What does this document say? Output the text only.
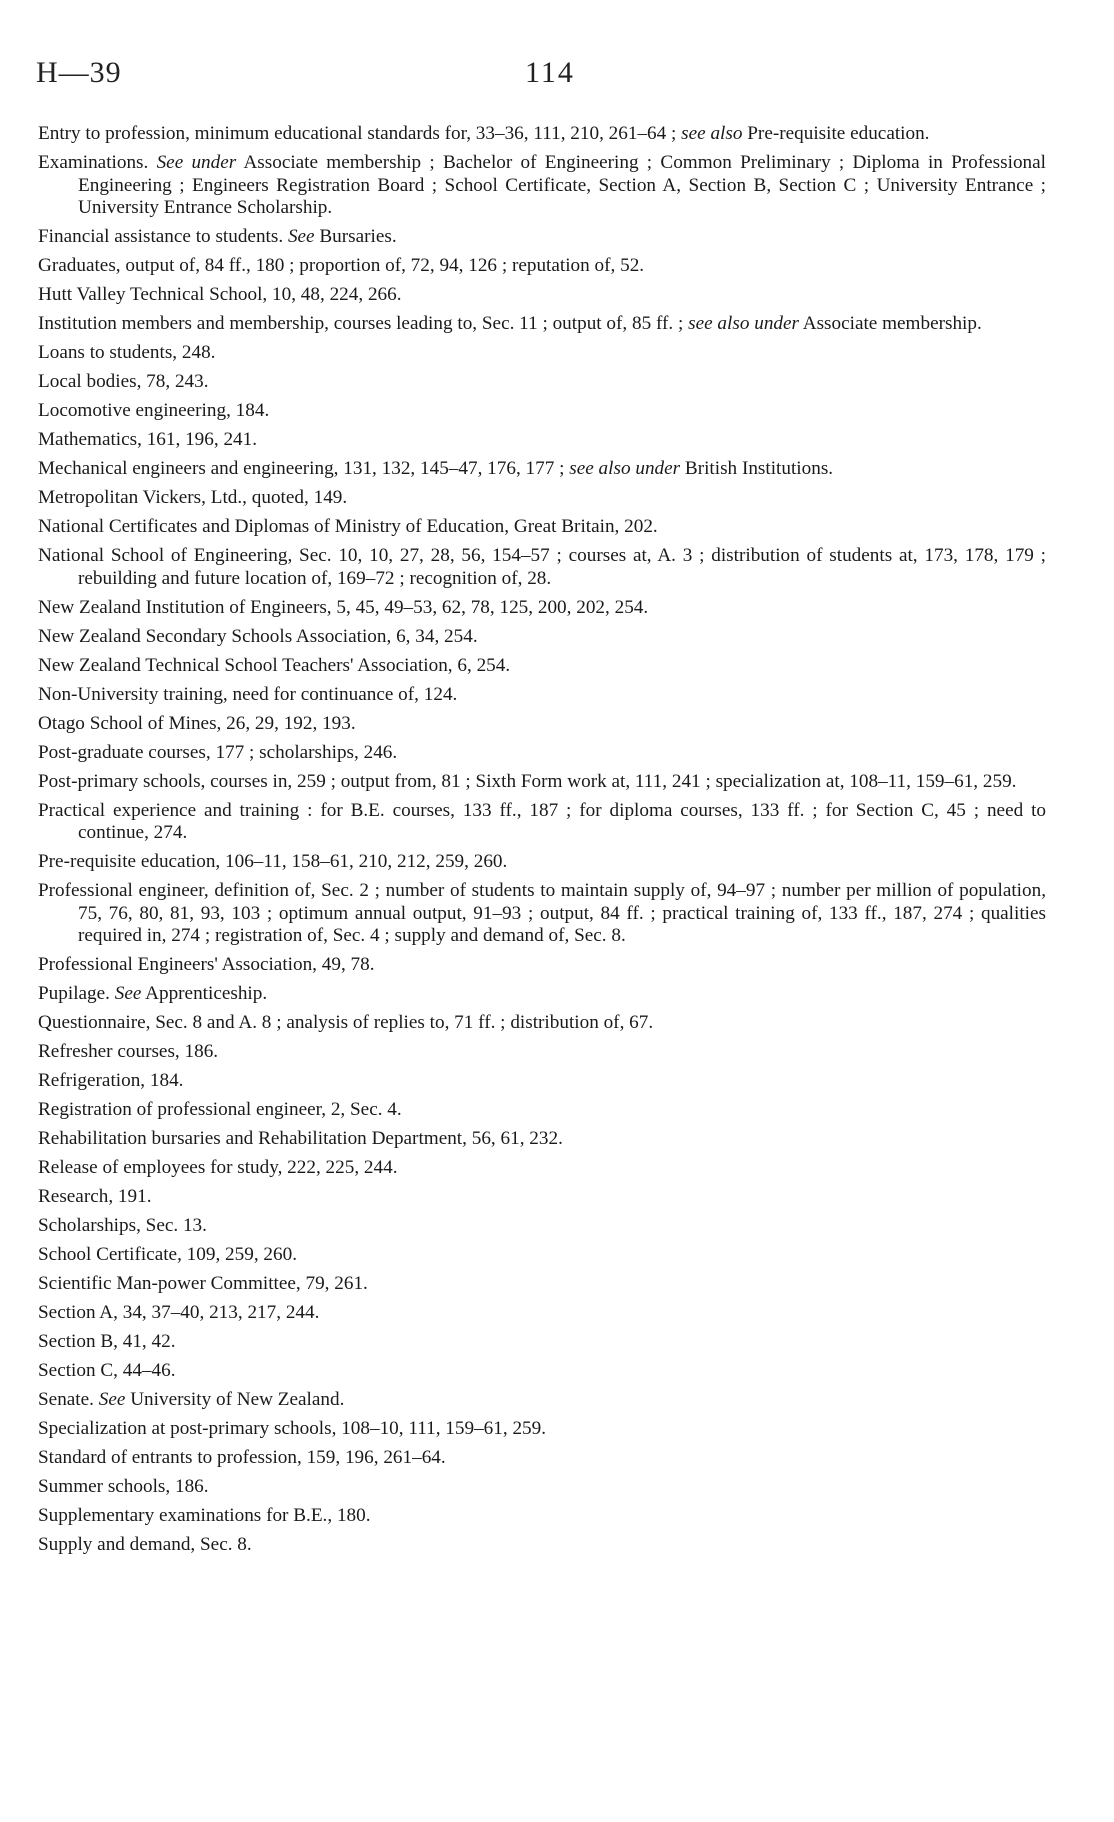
H—39	114

Entry to profession, minimum educational standards for, 33–36, 111, 210, 261–64 ; see also Pre-requisite education.

Examinations. See under Associate membership ; Bachelor of Engineering ; Common Preliminary ; Diploma in Professional Engineering ; Engineers Registration Board ; School Certificate, Section A, Section B, Section C ; University Entrance ; University Entrance Scholarship.

Financial assistance to students. See Bursaries.

Graduates, output of, 84 ff., 180 ; proportion of, 72, 94, 126 ; reputation of, 52.

Hutt Valley Technical School, 10, 48, 224, 266.

Institution members and membership, courses leading to, Sec. 11 ; output of, 85 ff. ; see also under Associate membership.

Loans to students, 248.

Local bodies, 78, 243.

Locomotive engineering, 184.

Mathematics, 161, 196, 241.

Mechanical engineers and engineering, 131, 132, 145–47, 176, 177 ; see also under British Institutions.

Metropolitan Vickers, Ltd., quoted, 149.

National Certificates and Diplomas of Ministry of Education, Great Britain, 202.

National School of Engineering, Sec. 10, 10, 27, 28, 56, 154–57 ; courses at, A. 3 ; distribution of students at, 173, 178, 179 ; rebuilding and future location of, 169–72 ; recognition of, 28.

New Zealand Institution of Engineers, 5, 45, 49–53, 62, 78, 125, 200, 202, 254.

New Zealand Secondary Schools Association, 6, 34, 254.

New Zealand Technical School Teachers' Association, 6, 254.

Non-University training, need for continuance of, 124.

Otago School of Mines, 26, 29, 192, 193.

Post-graduate courses, 177 ; scholarships, 246.

Post-primary schools, courses in, 259 ; output from, 81 ; Sixth Form work at, 111, 241 ; specialization at, 108–11, 159–61, 259.

Practical experience and training : for B.E. courses, 133 ff., 187 ; for diploma courses, 133 ff. ; for Section C, 45 ; need to continue, 274.

Pre-requisite education, 106–11, 158–61, 210, 212, 259, 260.

Professional engineer, definition of, Sec. 2 ; number of students to maintain supply of, 94–97 ; number per million of population, 75, 76, 80, 81, 93, 103 ; optimum annual output, 91–93 ; output, 84 ff. ; practical training of, 133 ff., 187, 274 ; qualities required in, 274 ; registration of, Sec. 4 ; supply and demand of, Sec. 8.

Professional Engineers' Association, 49, 78.

Pupilage. See Apprenticeship.

Questionnaire, Sec. 8 and A. 8 ; analysis of replies to, 71 ff. ; distribution of, 67.

Refresher courses, 186.

Refrigeration, 184.

Registration of professional engineer, 2, Sec. 4.

Rehabilitation bursaries and Rehabilitation Department, 56, 61, 232.

Release of employees for study, 222, 225, 244.

Research, 191.

Scholarships, Sec. 13.

School Certificate, 109, 259, 260.

Scientific Man-power Committee, 79, 261.

Section A, 34, 37–40, 213, 217, 244.

Section B, 41, 42.

Section C, 44–46.

Senate. See University of New Zealand.

Specialization at post-primary schools, 108–10, 111, 159–61, 259.

Standard of entrants to profession, 159, 196, 261–64.

Summer schools, 186.

Supplementary examinations for B.E., 180.

Supply and demand, Sec. 8.
